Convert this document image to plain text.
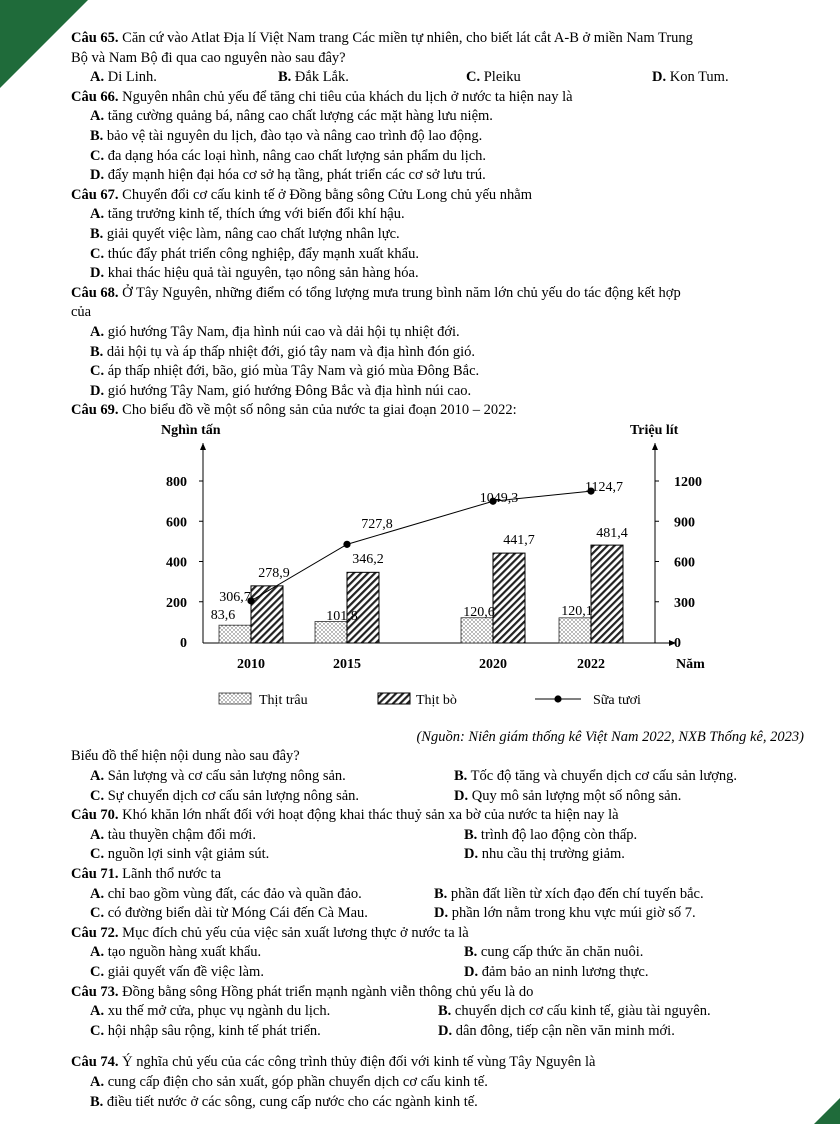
Câu 65. Căn cứ vào Atlat Địa lí Việt Nam trang Các miền tự nhiên, cho biết lát cắt A-B ở miền Nam Trung
Bộ và Nam Bộ đi qua cao nguyên nào sau đây?
A. Di Linh.	B. Đắk Lắk.	C. Pleiku	D. Kon Tum.
Câu 66. Nguyên nhân chủ yếu để tăng chi tiêu của khách du lịch ở nước ta hiện nay là
A. tăng cường quảng bá, nâng cao chất lượng các mặt hàng lưu niệm.
B. bảo vệ tài nguyên du lịch, đào tạo và nâng cao trình độ lao động.
C. đa dạng hóa các loại hình, nâng cao chất lượng sản phẩm du lịch.
D. đẩy mạnh hiện đại hóa cơ sở hạ tầng, phát triển các cơ sở lưu trú.
Câu 67. Chuyển đổi cơ cấu kinh tế ở Đồng bằng sông Cửu Long chủ yếu nhằm
A. tăng trưởng kinh tế, thích ứng với biến đổi khí hậu.
B. giải quyết việc làm, nâng cao chất lượng nhân lực.
C. thúc đẩy phát triển công nghiệp, đẩy mạnh xuất khẩu.
D. khai thác hiệu quả tài nguyên, tạo nông sản hàng hóa.
Câu 68. Ở Tây Nguyên, những điểm có tổng lượng mưa trung bình năm lớn chủ yếu do tác động kết hợp
của
A. gió hướng Tây Nam, địa hình núi cao và dải hội tụ nhiệt đới.
B. dải hội tụ và áp thấp nhiệt đới, gió tây nam và địa hình đón gió.
C. áp thấp nhiệt đới, bão, gió mùa Tây Nam và gió mùa Đông Bắc.
D. gió hướng Tây Nam, gió hướng Đông Bắc và địa hình núi cao.
Câu 69. Cho biểu đồ về một số nông sản của nước ta giai đoạn 2010 – 2022:
Nghìn tấn	Triệu lít
Năm
0
200
400
600
800
0
300
600
900
1200
2010	2015	2020	2022
83,6	101,8	120,6	120,1
278,9
346,2
441,7	481,4
306,7
727,8
1049,3
1124,7
Thịt trâu	Thịt bò	Sữa tươi
(Nguồn: Niên giám thống kê Việt Nam 2022, NXB Thống kê, 2023)
Biểu đồ thể hiện nội dung nào sau đây?
A. Sản lượng và cơ cấu sản lượng nông sản.	B. Tốc độ tăng và chuyển dịch cơ cấu sản lượng.
C. Sự chuyển dịch cơ cấu sản lượng nông sản.	D. Quy mô sản lượng một số nông sản.
Câu 70. Khó khăn lớn nhất đối với hoạt động khai thác thuỷ sản xa bờ của nước ta hiện nay là
A. tàu thuyền chậm đổi mới.	B. trình độ lao động còn thấp.
C. nguồn lợi sinh vật giảm sút.	D. nhu cầu thị trường giảm.
Câu 71. Lãnh thổ nước ta
A. chỉ bao gồm vùng đất, các đảo và quần đảo.	B. phần đất liền từ xích đạo đến chí tuyến bắc.
C. có đường biển dài từ Móng Cái đến Cà Mau.	D. phần lớn nằm trong khu vực múi giờ số 7.
Câu 72. Mục đích chủ yếu của việc sản xuất lương thực ở nước ta là
A. tạo nguồn hàng xuất khẩu.	B. cung cấp thức ăn chăn nuôi.
C. giải quyết vấn đề việc làm.	D. đảm bảo an ninh lương thực.
Câu 73. Đồng bằng sông Hồng phát triển mạnh ngành viễn thông chủ yếu là do
A. xu thế mở cửa, phục vụ ngành du lịch.	B. chuyển dịch cơ cấu kinh tế, giàu tài nguyên.
C. hội nhập sâu rộng, kinh tế phát triển.	D. dân đông, tiếp cận nền văn minh mới.
Câu 74. Ý nghĩa chủ yếu của các công trình thủy điện đối với kinh tế vùng Tây Nguyên là
A. cung cấp điện cho sản xuất, góp phần chuyển dịch cơ cấu kinh tế.
B. điều tiết nước ở các sông, cung cấp nước cho các ngành kinh tế.
